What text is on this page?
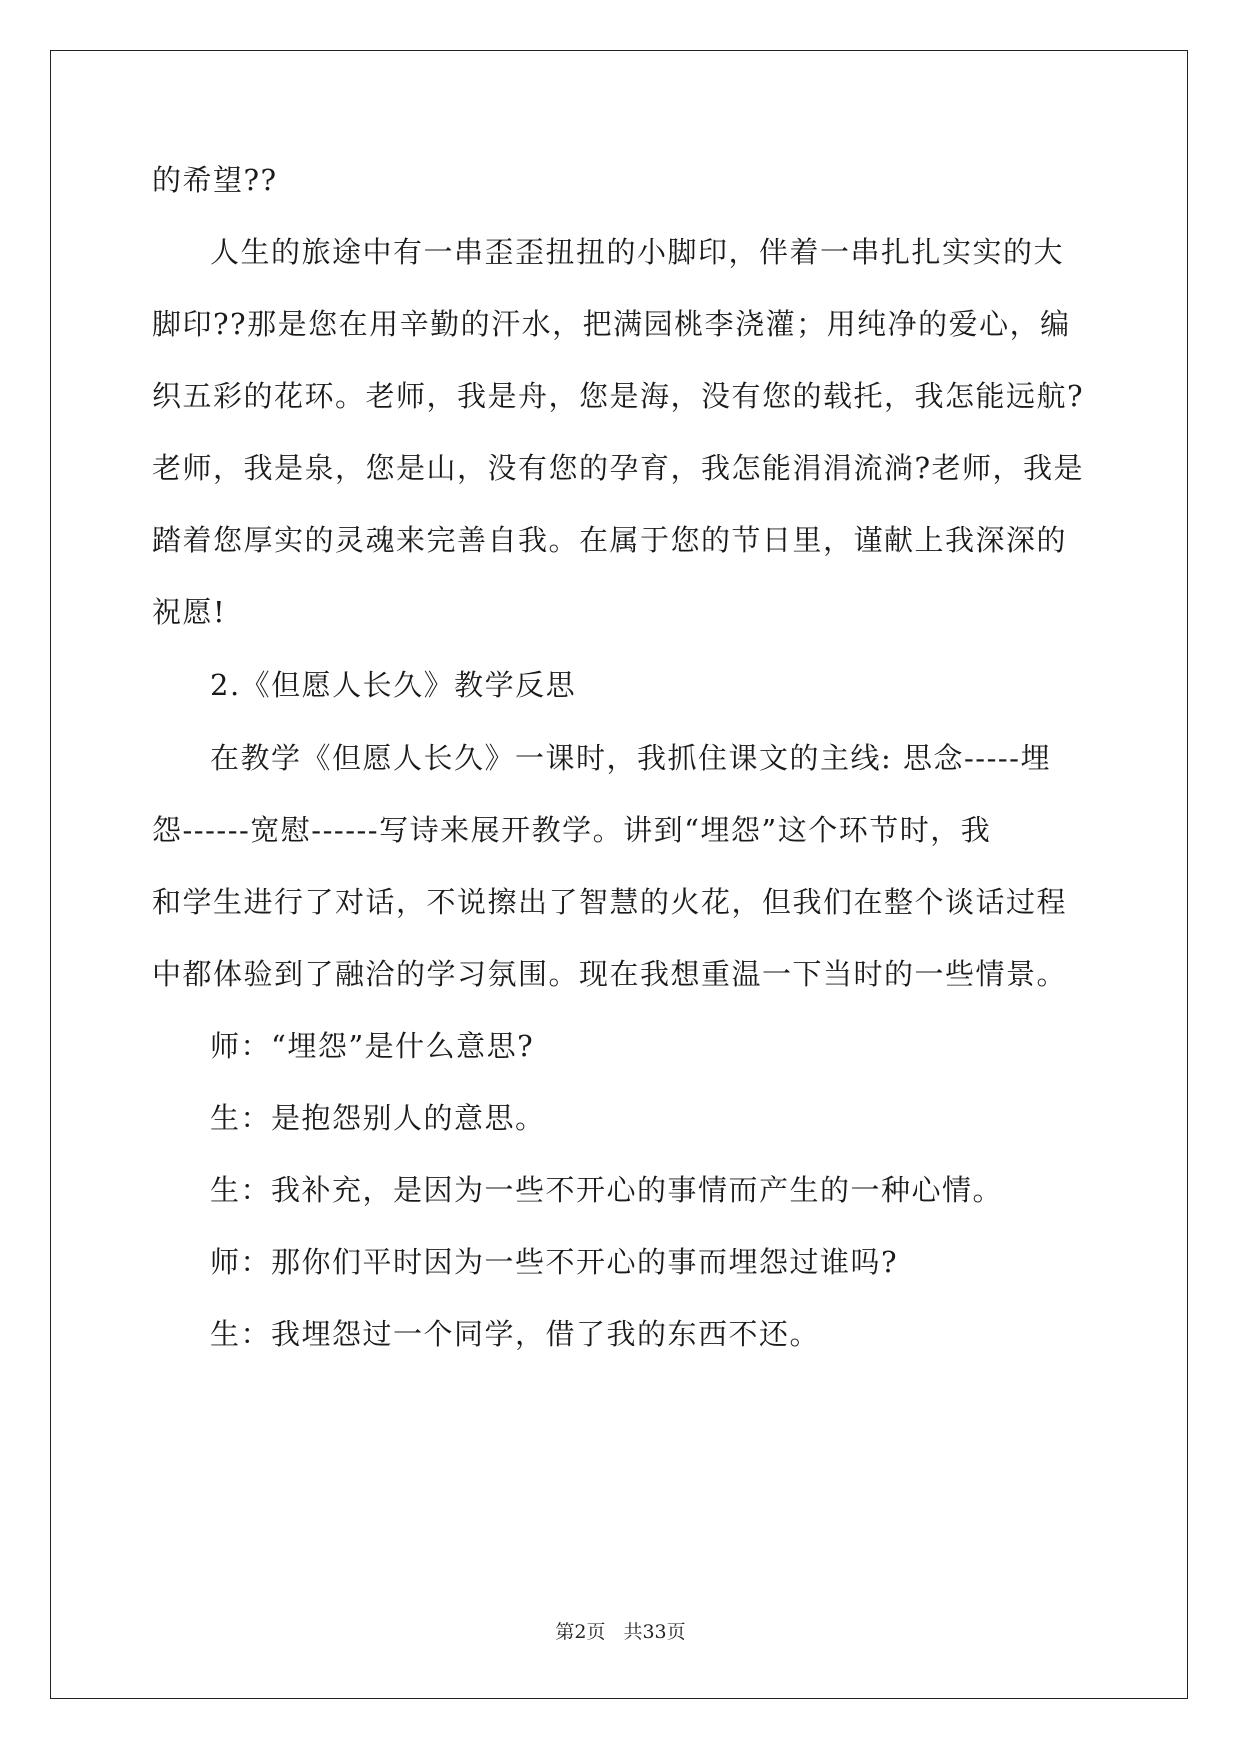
的希望??
人生的旅途中有一串歪歪扭扭的小脚印，伴着一串扎扎实实的大
脚印??那是您在用辛勤的汗水，把满园桃李浇灌；用纯净的爱心，编
织五彩的花环。老师，我是舟，您是海，没有您的载托，我怎能远航?
老师，我是泉，您是山，没有您的孕育，我怎能涓涓流淌?老师，我是
踏着您厚实的灵魂来完善自我。在属于您的节日里，谨献上我深深的
祝愿!
2.《但愿人长久》教学反思
在教学《但愿人长久》一课时，我抓住课文的主线: 思念-----埋
怨------宽慰------写诗来展开教学。讲到“埋怨”这个环节时，我
和学生进行了对话，不说擦出了智慧的火花，但我们在整个谈话过程
中都体验到了融洽的学习氛围。现在我想重温一下当时的一些情景。
师：“埋怨”是什么意思?
生：是抱怨别人的意思。
生：我补充，是因为一些不开心的事情而产生的一种心情。
师：那你们平时因为一些不开心的事而埋怨过谁吗?
生：我埋怨过一个同学，借了我的东西不还。
第2页 共33页
